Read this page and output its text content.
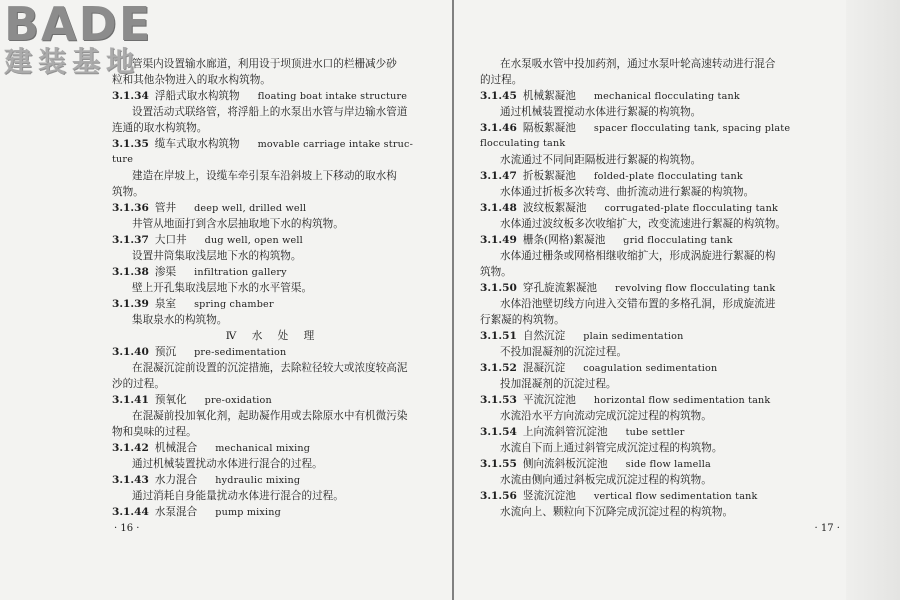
BADE
建装基地
管渠内设置输水廊道，利用设于坝顶进水口的栏栅减少砂
粒和其他杂物进入的取水构筑物。
3.1.34 浮船式取水构筑物 floating boat intake structure
设置活动式联络管，将浮船上的水泵出水管与岸边输水管道
连通的取水构筑物。
3.1.35 缆车式取水构筑物 movable carriage intake struc-
ture
建造在岸坡上，设缆车牵引泵车沿斜坡上下移动的取水构
筑物。
3.1.36 管井 deep well, drilled well
井管从地面打到含水层抽取地下水的构筑物。
3.1.37 大口井 dug well, open well
设置井筒集取浅层地下水的构筑物。
3.1.38 渗渠 infiltration gallery
壁上开孔集取浅层地下水的水平管渠。
3.1.39 泉室 spring chamber
集取泉水的构筑物。
Ⅳ 水 处 理
3.1.40 预沉 pre-sedimentation
在混凝沉淀前设置的沉淀措施，去除粒径较大或浓度较高泥
沙的过程。
3.1.41 预氧化 pre-oxidation
在混凝前投加氧化剂，起助凝作用或去除原水中有机微污染
物和臭味的过程。
3.1.42 机械混合 mechanical mixing
通过机械装置扰动水体进行混合的过程。
3.1.43 水力混合 hydraulic mixing
通过消耗自身能量扰动水体进行混合的过程。
3.1.44 水泵混合 pump mixing
· 16 ·
在水泵吸水管中投加药剂，通过水泵叶轮高速转动进行混合
的过程。
3.1.45 机械絮凝池 mechanical flocculating tank
通过机械装置搅动水体进行絮凝的构筑物。
3.1.46 隔板絮凝池 spacer flocculating tank, spacing plate
flocculating tank
水流通过不同间距隔板进行絮凝的构筑物。
3.1.47 折板絮凝池 folded-plate flocculating tank
水体通过折板多次转弯、曲折流动进行絮凝的构筑物。
3.1.48 波纹板絮凝池 corrugated-plate flocculating tank
水体通过波纹板多次收缩扩大，改变流速进行絮凝的构筑物。
3.1.49 栅条(网格)絮凝池 grid flocculating tank
水体通过栅条或网格相继收缩扩大，形成涡旋进行絮凝的构
筑物。
3.1.50 穿孔旋流絮凝池 revolving flow flocculating tank
水体沿池壁切线方向进入交错布置的多格孔洞，形成旋流进
行絮凝的构筑物。
3.1.51 自然沉淀 plain sedimentation
不投加混凝剂的沉淀过程。
3.1.52 混凝沉淀 coagulation sedimentation
投加混凝剂的沉淀过程。
3.1.53 平流沉淀池 horizontal flow sedimentation tank
水流沿水平方向流动完成沉淀过程的构筑物。
3.1.54 上向流斜管沉淀池 tube settler
水流自下而上通过斜管完成沉淀过程的构筑物。
3.1.55 侧向流斜板沉淀池 side flow lamella
水流由侧向通过斜板完成沉淀过程的构筑物。
3.1.56 竖流沉淀池 vertical flow sedimentation tank
水流向上、颗粒向下沉降完成沉淀过程的构筑物。
· 17 ·
